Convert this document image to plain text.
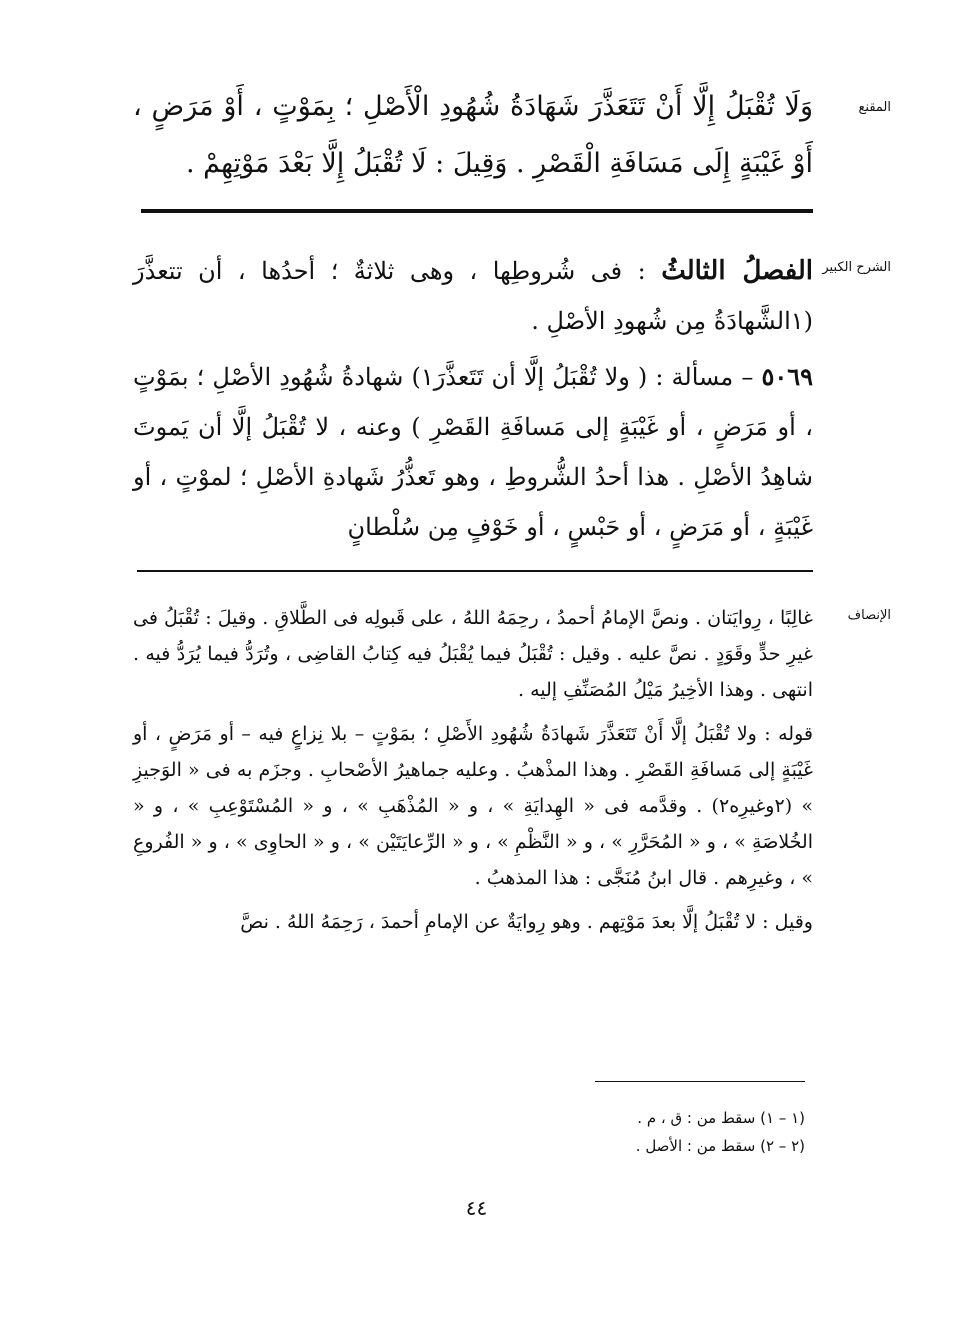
المقنع
وَلَا تُقْبَلُ إِلَّا أَنْ تَتَعَذَّرَ شَهَادَةُ شُهُودِ الْأَصْلِ ؛ بِمَوْتٍ ، أَوْ مَرَضٍ ، أَوْ غَيْبَةٍ إِلَى مَسَافَةِ الْقَصْرِ . وَقِيلَ : لَا تُقْبَلُ إِلَّا بَعْدَ مَوْتِهِمْ .
الشرح الكبير

الفصلُ الثالثُ : فى شُروطِها ، وهى ثلاثةٌ ؛ أحدُها ، أن تتعذَّرَ (١الشَّهادَةُ مِن شُهودِ الأصْلِ .

٥٠٦٩ – مسألة : ( ولا تُقْبَلُ إلَّا أن تَتَعذَّرَ١) شهادةُ شُهُودِ الأصْلِ ؛ بمَوْتٍ ، أو مَرَضٍ ، أو غَيْبَةٍ إلى مَسافَةِ القَصْرِ ) وعنه ، لا تُقْبَلُ إلَّا أن يَموتَ شاهِدُ الأصْلِ . هذا أحدُ الشُّروطِ ، وهو تَعذُّرُ شَهادةِ الأصْلِ ؛ لموْتٍ ، أو غَيْبَةٍ ، أو مَرَضٍ ، أو حَبْسٍ ، أو خَوْفٍ مِن سُلْطانٍ

الإنصاف

غالِبًا ، رِوايَتان . ونصَّ الإمامُ أحمدُ ، رحِمَهُ اللهُ ، على قَبولِه فى الطَّلاقِ . وقيلَ : تُقْبَلُ فى غيرِ حدٍّ وقَوَدٍ . نصَّ عليه . وقيل : تُقْبَلُ فيما يُقْبَلُ فيه كِتابُ القاضِى ، وتُرَدُّ فيما يُرَدُّ فيه . انتهى . وهذا الأخِيرُ مَيْلُ المُصَنِّفِ إليه .

قوله : ولا تُقْبَلُ إلَّا أَنْ تَتَعَذَّرَ شَهادَةُ شُهُودِ الأَصْلِ ؛ بمَوْتٍ – بلا نِزاعٍ فيه – أو مَرَضٍ ، أو غَيْبَةٍ إلى مَسافَةِ القَصْرِ . وهذا المذْهبُ . وعليه جماهيرُ الأصْحابِ . وجزَم به فى « الوَجيزِ » (٢وغيرِه٢) . وقدَّمه فى « الهِدايَةِ » ، و « المُذْهَبِ » ، و « المُسْتَوْعِبِ » ، و « الخُلاصَةِ » ، و « المُحَرَّرِ » ، و « النَّظْمِ » ، و « الرِّعايَتَيْن » ، و « الحاوِى » ، و « الفُروعِ » ، وغيرِهم . قال ابنُ مُنَجَّى : هذا المذهبُ .

وقيل : لا تُقْبَلُ إلَّا بعدَ مَوْتِهم . وهو رِوايَةٌ عن الإمامِ أحمدَ ، رَحِمَهُ اللهُ . نصَّ

(١ – ١) سقط من : ق ، م .
(٢ – ٢) سقط من : الأصل .
٤٤
